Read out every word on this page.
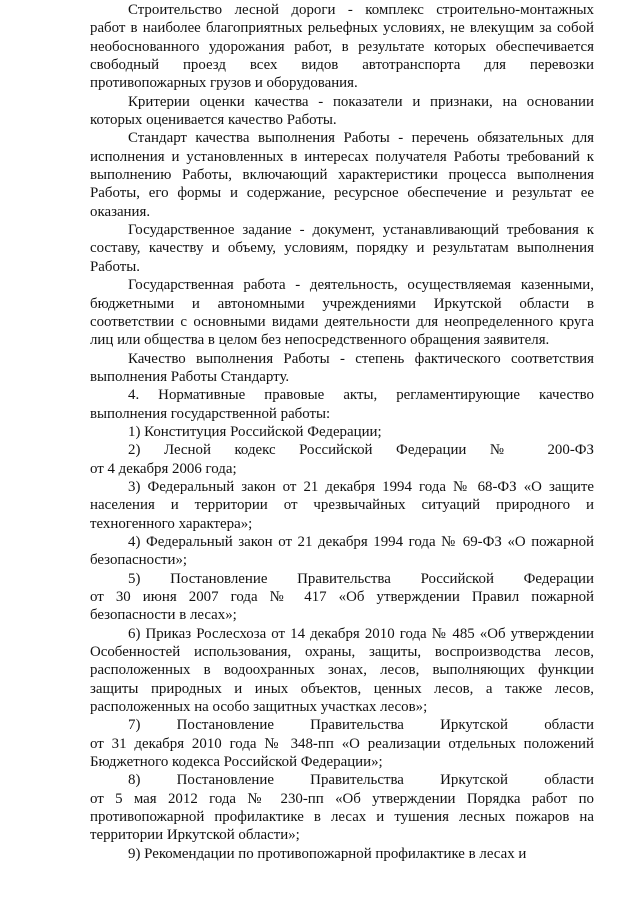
Строительство лесной дороги - комплекс строительно-монтажных
работ в наиболее благоприятных рельефных условиях, не влекущим за собой
необоснованного удорожания работ, в результате которых обеспечивается
свободный проезд всех видов автотранспорта для перевозки
противопожарных грузов и оборудования.
Критерии оценки качества - показатели и признаки, на основании
которых оценивается качество Работы.
Стандарт качества выполнения Работы - перечень обязательных для
исполнения и установленных в интересах получателя Работы требований к
выполнению Работы, включающий характеристики процесса выполнения
Работы, его формы и содержание, ресурсное обеспечение и результат ее
оказания.
Государственное задание - документ, устанавливающий требования к
составу, качеству и объему, условиям, порядку и результатам выполнения
Работы.
Государственная работа - деятельность, осуществляемая казенными,
бюджетными и автономными учреждениями Иркутской области в
соответствии с основными видами деятельности для неопределенного круга
лиц или общества в целом без непосредственного обращения заявителя.
Качество выполнения Работы - степень фактического соответствия
выполнения Работы Стандарту.
4. Нормативные правовые акты, регламентирующие качество
выполнения государственной работы:
1) Конституция Российской Федерации;
2) Лесной кодекс Российской Федерации № 200-ФЗ
от 4 декабря 2006 года;
3) Федеральный закон от 21 декабря 1994 года № 68-ФЗ «О защите
населения и территории от чрезвычайных ситуаций природного и
техногенного характера»;
4) Федеральный закон от 21 декабря 1994 года № 69-ФЗ «О пожарной
безопасности»;
5) Постановление Правительства Российской Федерации
от 30 июня 2007 года № 417 «Об утверждении Правил пожарной
безопасности в лесах»;
6) Приказ Рослесхоза от 14 декабря 2010 года № 485 «Об утверждении
Особенностей использования, охраны, защиты, воспроизводства лесов,
расположенных в водоохранных зонах, лесов, выполняющих функции
защиты природных и иных объектов, ценных лесов, а также лесов,
расположенных на особо защитных участках лесов»;
7) Постановление Правительства Иркутской области
от 31 декабря 2010 года № 348-пп «О реализации отдельных положений
Бюджетного кодекса Российской Федерации»;
8) Постановление Правительства Иркутской области
от 5 мая 2012 года № 230-пп «Об утверждении Порядка работ по
противопожарной профилактике в лесах и тушения лесных пожаров на
территории Иркутской области»;
9) Рекомендации по противопожарной профилактике в лесах и
